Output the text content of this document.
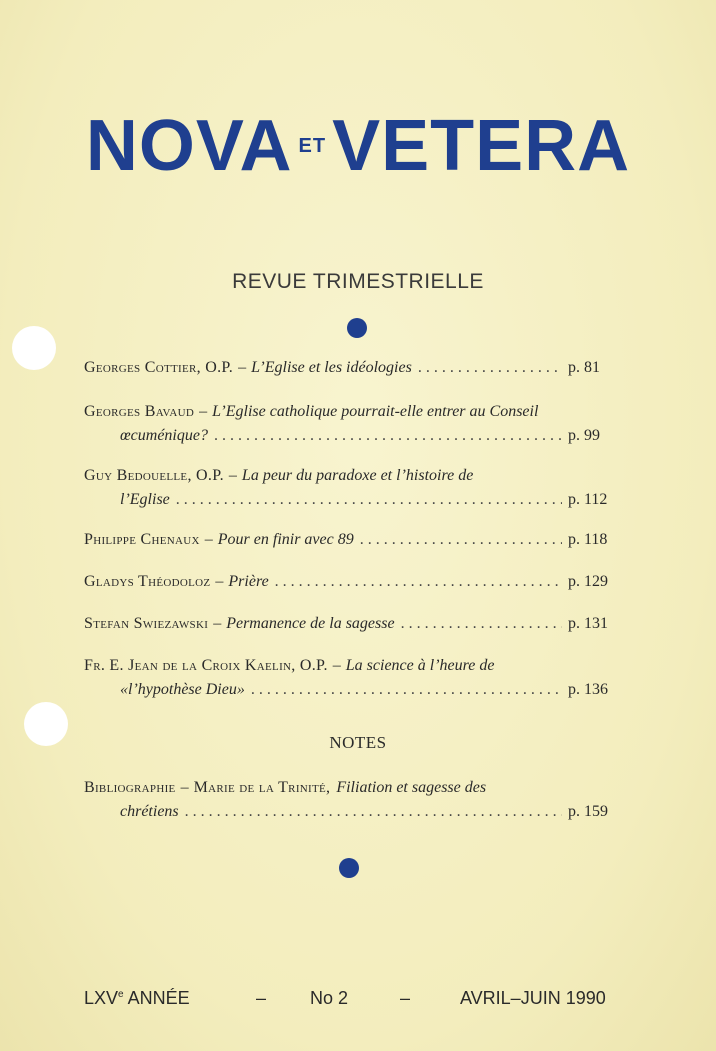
NOVA ETVETERA
REVUE TRIMESTRIELLE
Georges Cottier, O.P. – L’Eglise et les idéologies . . .	p. 81
Georges Bavaud – L’Eglise catholique pourrait-elle entrer au Conseil
œcuménique? . . .	p. 99
Guy Bedouelle, O.P. – La peur du paradoxe et l’histoire de
l’Eglise . . .	p. 112
Philippe Chenaux – Pour en finir avec 89 . . .	p. 118
Gladys Théodoloz – Prière . . .	p. 129
Stefan Swiezawski – Permanence de la sagesse . . .	p. 131
Fr. E. Jean de la Croix Kaelin, O.P. – La science à l’heure de
«l’hypothèse Dieu» . . .	p. 136
NOTES
Bibliographie – Marie de la Trinité, Filiation et sagesse des
chrétiens . . .	p. 159
LXVe ANNÉE	– No 2	–	AVRIL–JUIN 1990
